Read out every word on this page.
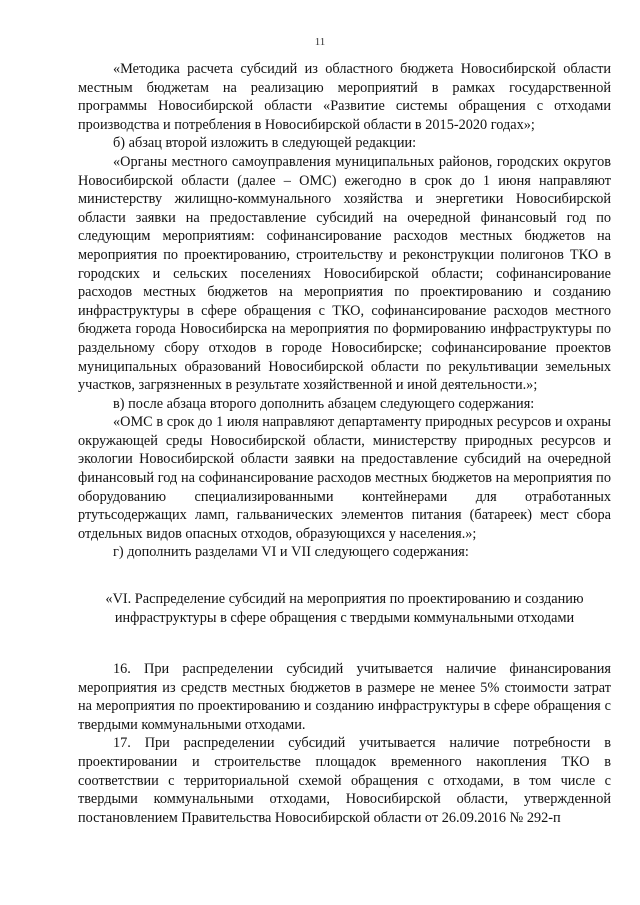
11

«Методика расчета субсидий из областного бюджета Новосибирской области местным бюджетам на реализацию мероприятий в рамках государственной программы Новосибирской области «Развитие системы обращения с отходами производства и потребления в Новосибирской области в 2015-2020 годах»;

б) абзац второй изложить в следующей редакции:

«Органы местного самоуправления муниципальных районов, городских округов Новосибирской области (далее – ОМС) ежегодно в срок до 1 июня направляют министерству жилищно-коммунального хозяйства и энергетики Новосибирской области заявки на предоставление субсидий на очередной финансовый год по следующим мероприятиям: софинансирование расходов местных бюджетов на мероприятия по проектированию, строительству и реконструкции полигонов ТКО в городских и сельских поселениях Новосибирской области; софинансирование расходов местных бюджетов на мероприятия по проектированию и созданию инфраструктуры в сфере обращения с ТКО, софинансирование расходов местного бюджета города Новосибирска на мероприятия по формированию инфраструктуры по раздельному сбору отходов в городе Новосибирске; софинансирование проектов муниципальных образований Новосибирской области по рекультивации земельных участков, загрязненных в результате хозяйственной и иной деятельности.»;

в) после абзаца второго дополнить абзацем следующего содержания:

«ОМС в срок до 1 июля направляют департаменту природных ресурсов и охраны окружающей среды Новосибирской области, министерству природных ресурсов и экологии Новосибирской области заявки на предоставление субсидий на очередной финансовый год на софинансирование расходов местных бюджетов на мероприятия по оборудованию специализированными контейнерами для отработанных ртутьсодержащих ламп, гальванических элементов питания (батареек) мест сбора отдельных видов опасных отходов, образующихся у населения.»;

г) дополнить разделами VI и VII следующего содержания:

«VI. Распределение субсидий на мероприятия по проектированию и созданию инфраструктуры в сфере обращения с твердыми коммунальными отходами

16. При распределении субсидий учитывается наличие финансирования мероприятия из средств местных бюджетов в размере не менее 5% стоимости затрат на мероприятия по проектированию и созданию инфраструктуры в сфере обращения с твердыми коммунальными отходами.

17. При распределении субсидий учитывается наличие потребности в проектировании и строительстве площадок временного накопления ТКО в соответствии с территориальной схемой обращения с отходами, в том числе с твердыми коммунальными отходами, Новосибирской области, утвержденной постановлением Правительства Новосибирской области от 26.09.2016 № 292-п
